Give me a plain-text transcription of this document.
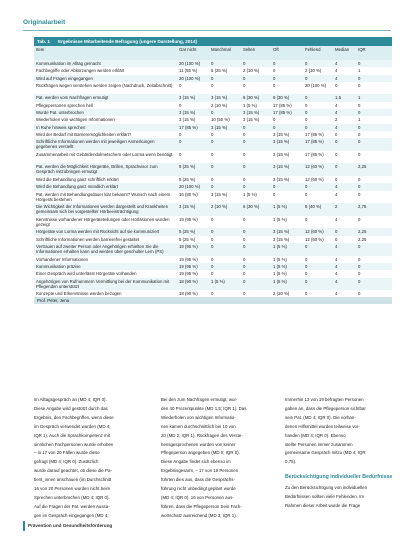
Originalarbeit
Tab. 1 Ergebnisse Mitarbeitende Befragung (ungere Darstellung, 2014)
Item	Gar nicht	Manchmal	Selten	Oft	Fehlend	Median	IQR
Kommunikation im Alltag gemacht	20 (100 %)	0	0	0	0	4	0
Fachbegriffe oder Abkürzungen werden erklärt	11 (55 %)	5 (25 %)	2 (10 %)	0	2 (10 %)	4	1
Wird auf Fragen eingegangen	20 (100 %)	0	0	0	0	4	0
Rückfragen wegen verstehen werden zeigen (Nachdruck, Zeitabschnitt)	0	0	0	0	20 (100 %)	0	0
Pat. werden vom Nachfragen ermutigt	3 (15 %)	3 (15 %)	6 (30 %)	6 (30 %)	0	1,5	1
Pflegepersonen sprechen hell	0	2 (10 %)	1 (5 %)	17 (85 %)	0	4	0
Wurde Pat. unterbrochen	3 (15 %)	0	3 (15 %)	17 (85 %)	0	4	0
Wiederholen von wichtigen Informationen	3 (15 %)	10 (50 %)	3 (15 %)	0	0	2	1
In Ruhe hinweis sprechen	17 (85 %)	3 (15 %)	0	0	0	4	0
Wird der Bedarf mit Barrieremöglichkeiten erklärt?	0	0	0	3 (15 %)	17 (85 %)	0	0
Schriftliche Informationen werden mit jeweiligen Anmerkungen gegebenes verstellt	0	0	0	3 (15 %)	17 (85 %)	0	0
Zusammenarbeit mit Gebärdendolmetschern oder Lorma wenn benötigt	0	0	0	3 (15 %)	17 (85 %)	0	0
Pat. werden die Möglichkeit Hörgeräte, Brillen, Sprachvisor zum Gespräch mitzubringen ermutigt	5 (25 %)	0	0	3 (15 %)	12 (60 %)	0	2,25
Wird die Behandlung ganz schriftlich erklärt	5 (25 %)	0	0	3 (15 %)	12 (60 %)	0	0
Wird die Behandlung ganz mündlich erklärt	20 (100 %)	0	0	0	0	4	0
Pat. werden mit Behandlungsdauer klar bekannt? Wunsch nach einem Hörgerät bestehen	16 (80 %)	3 (15 %)	1 (5 %)	0	0	4	0
Die Wichtigkeit der Informationen werden dargestellt und Krankheiten gemeinsam sich bei vorgestellter Hörbeeinträchtigung	3 (15 %)	2 (10 %)	6 (30 %)	1 (5 %)	8 (40 %)	2	2,75
Kenntnisse vorhandener Hörgeräteteilungen oder Hörläsionen wurden gezeigt	19 (95 %)	0	0	1 (5 %)	0	4	0
Hörgeräte von Lorma werden mit Rücksicht auf sie kommuniziert	5 (25 %)	0	0	3 (15 %)	12 (60 %)	0	2,25
Schriftliche Informationen werden barrierefrei gestaltet	5 (25 %)	0	0	3 (15 %)	12 (60 %)	0	2,25
Vertrauen auf zweiter Person oder Angehörigen erhielten Sie die Informationen erhalten kann und werden über geschulter Lern (PS)	19 (95 %)	0	0	1 (5 %)	0	4	0
Vorhandener Informationen	19 (95 %)	0	0	1 (5 %)	0	4	0
Kommunikation präzise	19 (95 %)	0	0	1 (5 %)	0	4	0
Einer Gespräch wird unterlässt Hörgeräte vorhanden	19 (95 %)	0	0	1 (5 %)	0	4	0
Angehörigen von Rufnummern Vermittlung bei der Kommunikation mit Pflegenden unterstützt	18 (90 %)	1 (5 %)	0	1 (5 %)	0	4	0
Konzepte und Erkenntnisse werden bezogen	18 (90 %)	0	0	2 (10 %)	0	4	0
Prof. Peter, Jena

im Alltagsgespräch an (MD 4; IQR 0).

Diese Angabe wird gestützt durch das

Ergebnis, den Fachbegriffen, wenn diese

im Gespräch verwendet wurden (MD 4;

IQR 1). Auch die Sprachkompetenz mit

sinnlichen Fachpersonen wurde erhoben

– in 17 von 20 Fällen wurde diese

gefragt (MD 4; IQR 0). Zusätzlich

wurde darauf geachtet, ob diese die Pa-

tient_innen anschauen (im Durchschnitt

16 von 20 Personen wurden nicht beim

Sprechen unterbrochen (MD 4; IQR 0).

Auf die Fragen der Pat. werden Aussa-

gen im Gespräch eingegangen (MD 4;

Bei den zum Nachfragen ermutigt, wur-

den 40 Prozentpunkte (MD 1,5; IQR 1). Das

Wiederholen von wichtigen Informatio-

nen kamen durchschnittlich bei 10 von

20 (MD 2; IQR 1). Rückfragen des Verste-

hensgesprochenen wurden von keiner

Pflegeperson angegeben (MD 0; IQR 0).

Diese Angabe findet sich ebenso im

Ergebnisgesamt, – 17 von 19 Personen

führten dies aus, dass die Gesprächs-

führung nicht unbedingt geplant wurde

(MD 4; IQR 0). 16 von Personen aus-

führen, dass die Pflegeperson Sein Fach-

wortschatz ausreichend (MD 3; IQR 1).

Immerhin 13 von 19 befragten Personen

gaben an, dass die Pflegeperson sichtbar

sein Pat. (MD 4; IQR 0). Die vorhan-

denen Hilfsmittel wurden teilweise vor-

handen (MD 4; IQR 0). Ebenso

stellte Personen immer zusammen

gemeinsame Gespräch mitzu (MD 4; IQR

0,75).

Berücksichtigung individueller Bedürfnisse

Zu den Berücksichtigung von individuellen

Bedürfnissen sollten viele Fehlenden. Im

Rahmen dieser Arbeit wurde die Frage

Prävention und Gesundheitsförderung
